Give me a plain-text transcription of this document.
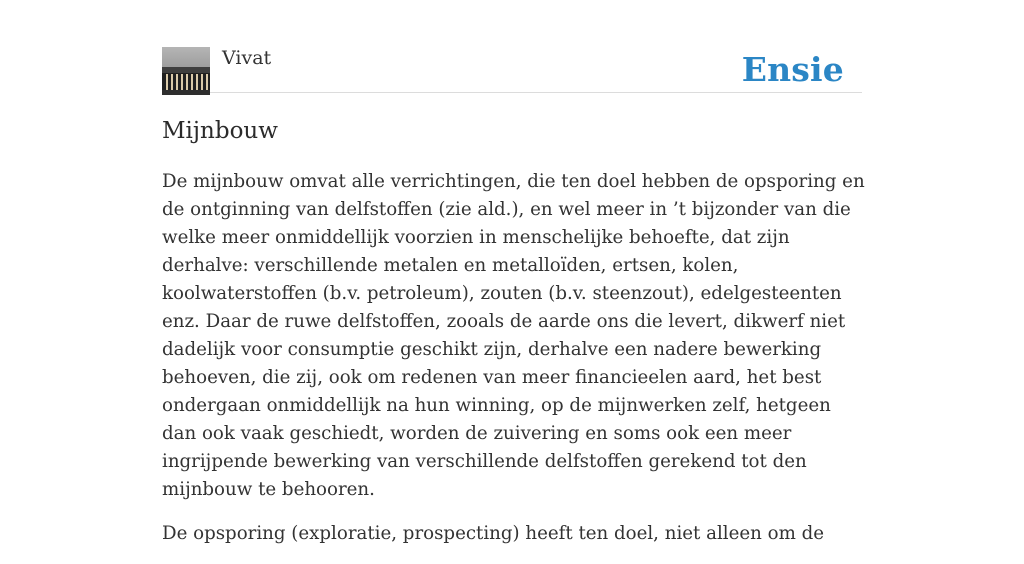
Vivat	Ensie
Mijnbouw

De mijnbouw omvat alle verrichtingen, die ten doel hebben de opsporing en de ontginning van delfstoffen (zie ald.), en wel meer in ’t bijzonder van die welke meer onmiddellijk voorzien in menschelijke behoefte, dat zijn derhalve: verschillende metalen en metalloïden, ertsen, kolen, koolwaterstoffen (b.v. petroleum), zouten (b.v. steenzout), edelgesteenten enz. Daar de ruwe delfstoffen, zooals de aarde ons die levert, dikwerf niet dadelijk voor consumptie geschikt zijn, derhalve een nadere bewerking behoeven, die zij, ook om redenen van meer financieelen aard, het best ondergaan onmiddellijk na hun winning, op de mijnwerken zelf, hetgeen dan ook vaak geschiedt, worden de zuivering en soms ook een meer ingrijpende bewerking van verschillende delfstoffen gerekend tot den mijnbouw te behooren.

De opsporing (exploratie, prospecting) heeft ten doel, niet alleen om de
